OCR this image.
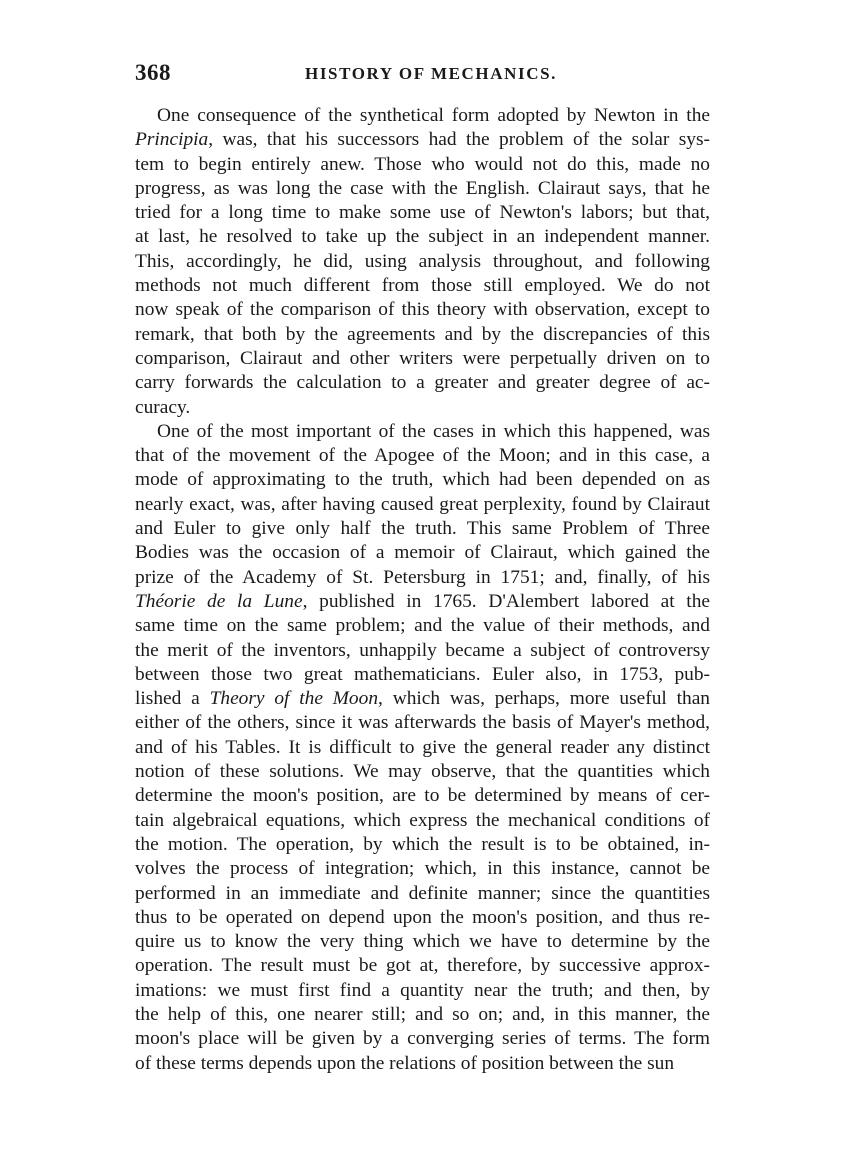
368	HISTORY OF MECHANICS.
One consequence of the synthetical form adopted by Newton in the
Principia, was, that his successors had the problem of the solar sys-
tem to begin entirely anew. Those who would not do this, made no
progress, as was long the case with the English. Clairaut says, that he
tried for a long time to make some use of Newton's labors; but that,
at last, he resolved to take up the subject in an independent manner.
This, accordingly, he did, using analysis throughout, and following
methods not much different from those still employed. We do not
now speak of the comparison of this theory with observation, except to
remark, that both by the agreements and by the discrepancies of this
comparison, Clairaut and other writers were perpetually driven on to
carry forwards the calculation to a greater and greater degree of ac-
curacy.
One of the most important of the cases in which this happened, was
that of the movement of the Apogee of the Moon; and in this case, a
mode of approximating to the truth, which had been depended on as
nearly exact, was, after having caused great perplexity, found by Clairaut
and Euler to give only half the truth. This same Problem of Three
Bodies was the occasion of a memoir of Clairaut, which gained the
prize of the Academy of St. Petersburg in 1751; and, finally, of his
Théorie de la Lune, published in 1765. D'Alembert labored at the
same time on the same problem; and the value of their methods, and
the merit of the inventors, unhappily became a subject of controversy
between those two great mathematicians. Euler also, in 1753, pub-
lished a Theory of the Moon, which was, perhaps, more useful than
either of the others, since it was afterwards the basis of Mayer's method,
and of his Tables. It is difficult to give the general reader any distinct
notion of these solutions. We may observe, that the quantities which
determine the moon's position, are to be determined by means of cer-
tain algebraical equations, which express the mechanical conditions of
the motion. The operation, by which the result is to be obtained, in-
volves the process of integration; which, in this instance, cannot be
performed in an immediate and definite manner; since the quantities
thus to be operated on depend upon the moon's position, and thus re-
quire us to know the very thing which we have to determine by the
operation. The result must be got at, therefore, by successive approx-
imations: we must first find a quantity near the truth; and then, by
the help of this, one nearer still; and so on; and, in this manner, the
moon's place will be given by a converging series of terms. The form
of these terms depends upon the relations of position between the sun
